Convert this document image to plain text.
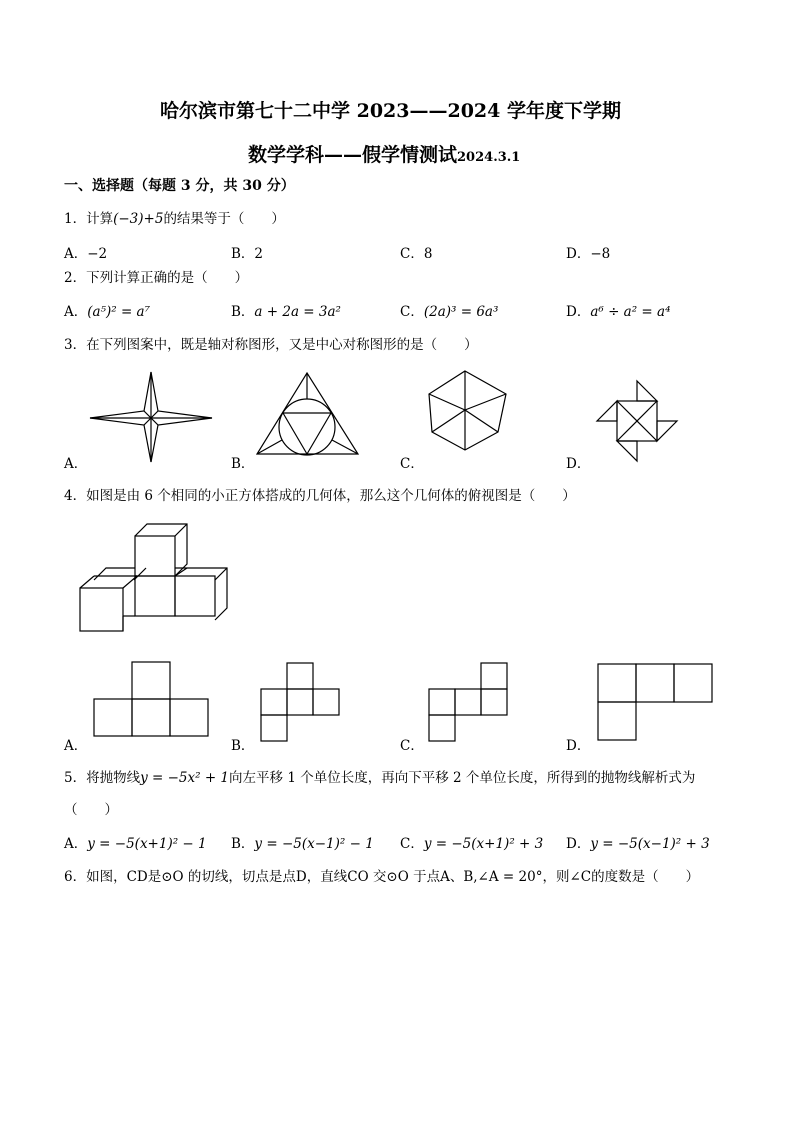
哈尔滨市第七十二中学 2023——2024 学年度下学期
数学学科——假学情测试2024.3.1
一、选择题（每题 3 分，共 30 分）
1．计算(−3)+5的结果等于（　　）
A．−2	B．2	C．8	D．−8
2．下列计算正确的是（　　）
A．(a⁵)² = a⁷	B．a + 2a = 3a²	C．(2a)³ = 6a³	D．a⁶ ÷ a² = a⁴
3．在下列图案中，既是轴对称图形，又是中心对称图形的是（　　）
A．	B．	C．	D．
4．如图是由 6 个相同的小正方体搭成的几何体，那么这个几何体的俯视图是（　　）
A．	B．	C．	D．
5．将抛物线y = −5x² + 1向左平移 1 个单位长度，再向下平移 2 个单位长度，所得到的抛物线解析式为
（　　）
A．y = −5(x+1)² − 1 B．y = −5(x−1)² − 1 C．y = −5(x+1)² + 3 D．y = −5(x−1)² + 3
6．如图，CD是⊙O 的切线，切点是点D，直线CO 交⊙O 于点A、B,∠A = 20°，则∠C的度数是（　　）
